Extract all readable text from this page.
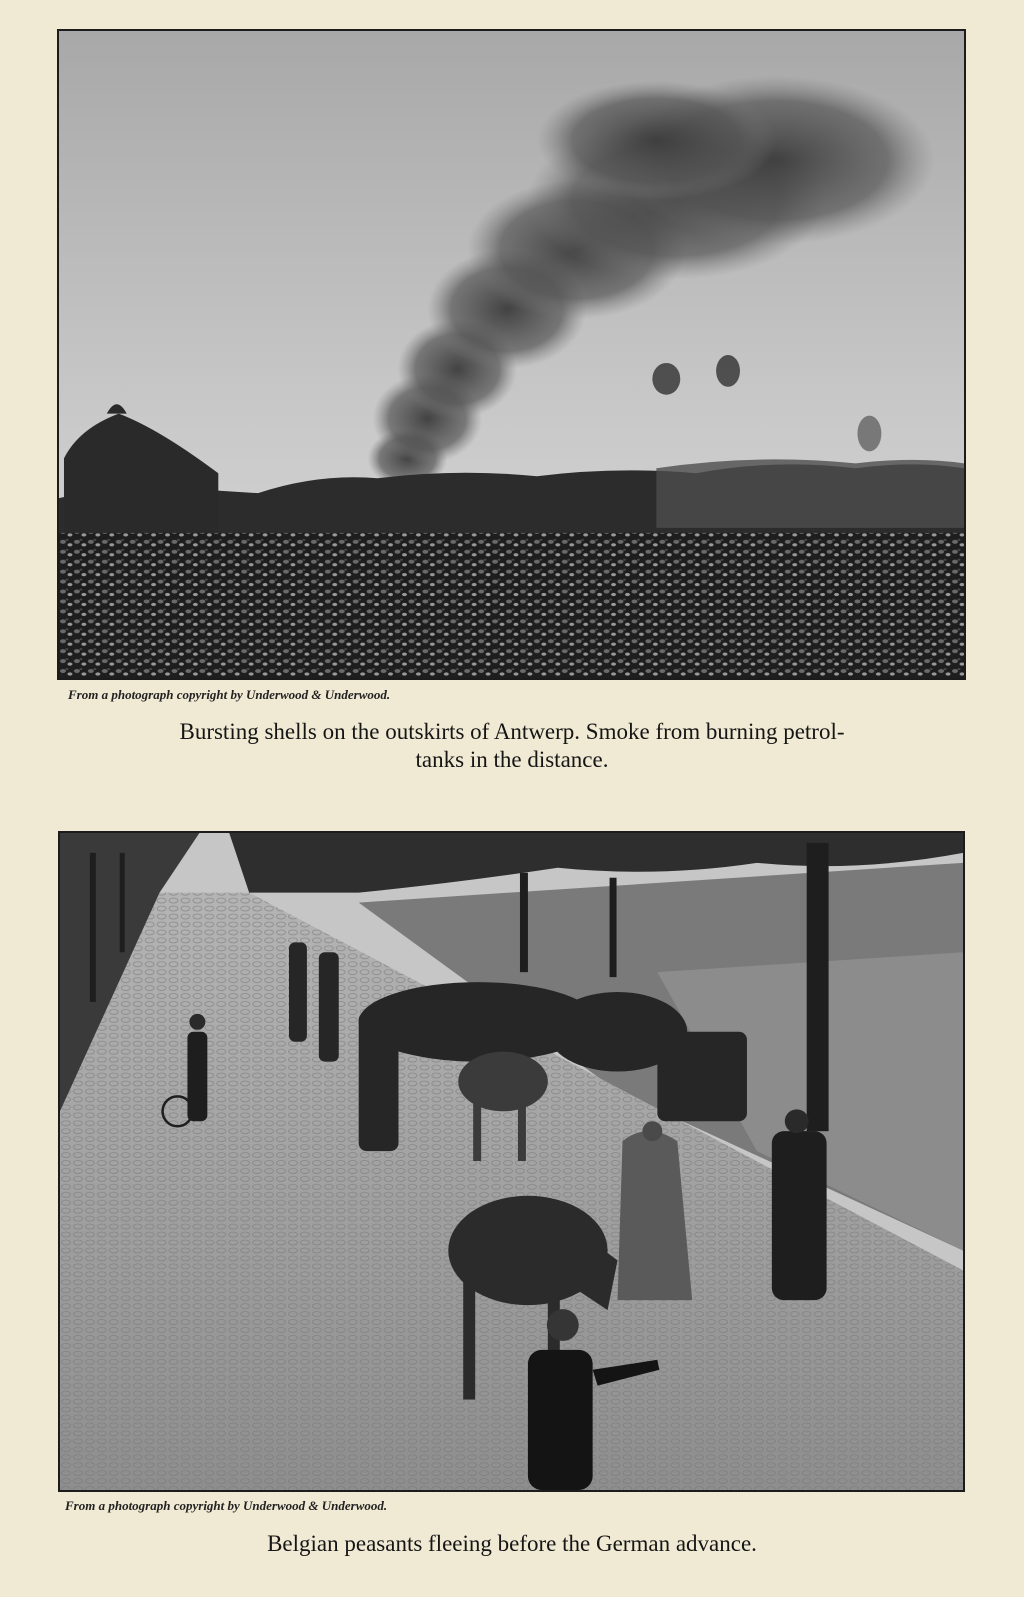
From a photograph copyright by Underwood & Underwood.
Bursting shells on the outskirts of Antwerp. Smoke from burning petrol-
tanks in the distance.
From a photograph copyright by Underwood & Underwood.
Belgian peasants fleeing before the German advance.
